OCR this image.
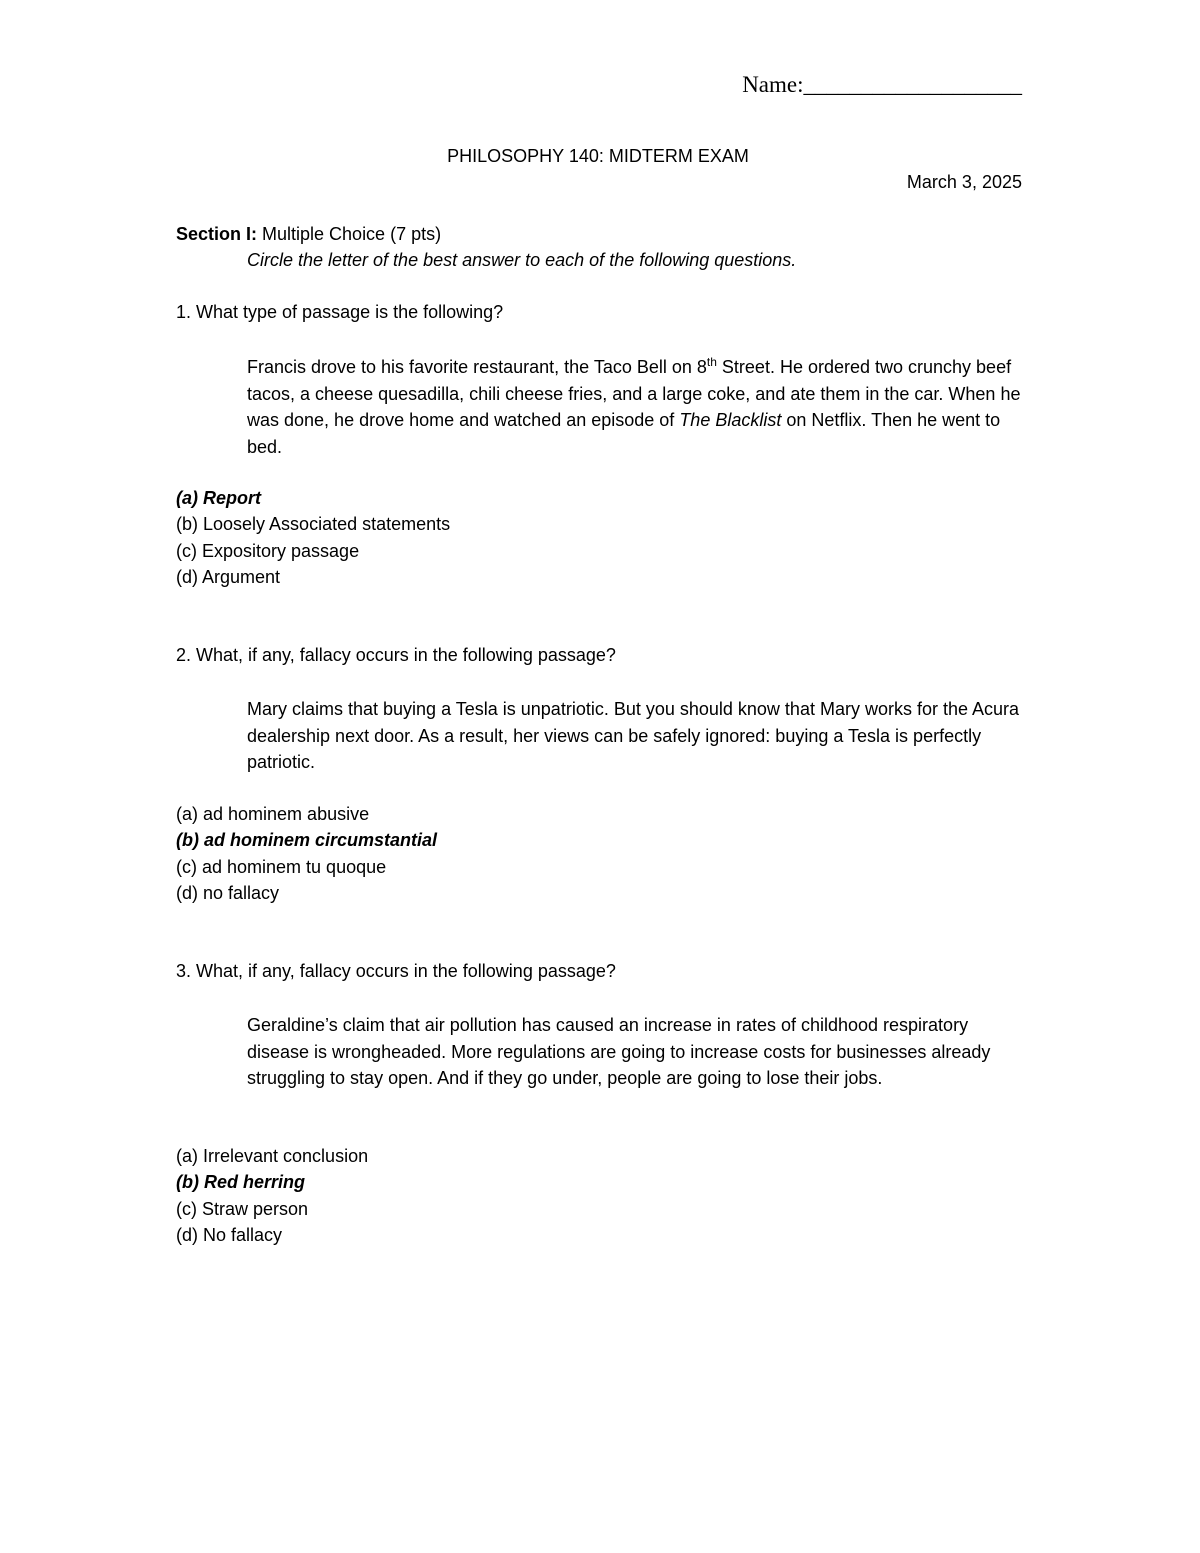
Name:___________________
PHILOSOPHY 140: MIDTERM EXAM
March 3, 2025
Section I: Multiple Choice (7 pts)
Circle the letter of the best answer to each of the following questions.
1. What type of passage is the following?
Francis drove to his favorite restaurant, the Taco Bell on 8th Street. He ordered two crunchy beef tacos, a cheese quesadilla, chili cheese fries, and a large coke, and ate them in the car. When he was done, he drove home and watched an episode of The Blacklist on Netflix. Then he went to bed.
(a) Report
(b) Loosely Associated statements
(c) Expository passage
(d) Argument
2. What, if any, fallacy occurs in the following passage?
Mary claims that buying a Tesla is unpatriotic. But you should know that Mary works for the Acura dealership next door. As a result, her views can be safely ignored: buying a Tesla is perfectly patriotic.
(a) ad hominem abusive
(b) ad hominem circumstantial
(c) ad hominem tu quoque
(d) no fallacy
3. What, if any, fallacy occurs in the following passage?
Geraldine’s claim that air pollution has caused an increase in rates of childhood respiratory disease is wrongheaded. More regulations are going to increase costs for businesses already struggling to stay open. And if they go under, people are going to lose their jobs.
(a) Irrelevant conclusion
(b) Red herring
(c) Straw person
(d) No fallacy
